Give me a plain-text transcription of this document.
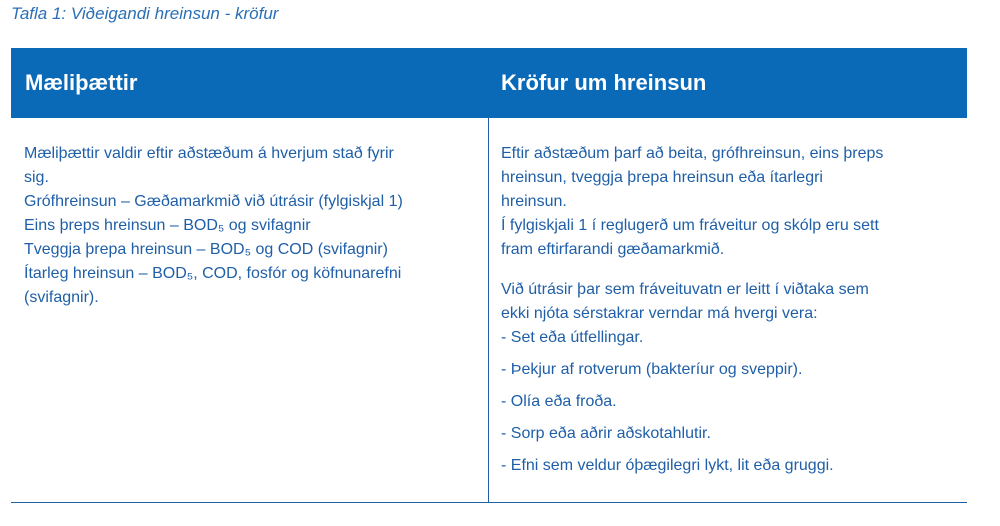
Tafla 1: Viðeigandi hreinsun - kröfur
Mæliþættir	Kröfur um hreinsun
Mæliþættir valdir eftir aðstæðum á hverjum stað fyrir
sig.
Grófhreinsun – Gæðamarkmið við útrásir (fylgiskjal 1)
Eins þreps hreinsun – BOD₅ og svifagnir
Tveggja þrepa hreinsun – BOD₅ og COD (svifagnir)
Ítarleg hreinsun – BOD₅, COD, fosfór og köfnunarefni
(svifagnir).
Eftir aðstæðum þarf að beita, grófhreinsun, eins þreps
hreinsun, tveggja þrepa hreinsun eða ítarlegri
hreinsun.
Í fylgiskjali 1 í reglugerð um fráveitur og skólp eru sett
fram eftirfarandi gæðamarkmið.
Við útrásir þar sem fráveituvatn er leitt í viðtaka sem
ekki njóta sérstakrar verndar má hvergi vera:
- Set eða útfellingar.
- Þekjur af rotverum (bakteríur og sveppir).
- Olía eða froða.
- Sorp eða aðrir aðskotahlutir.
- Efni sem veldur óþægilegri lykt, lit eða gruggi.
